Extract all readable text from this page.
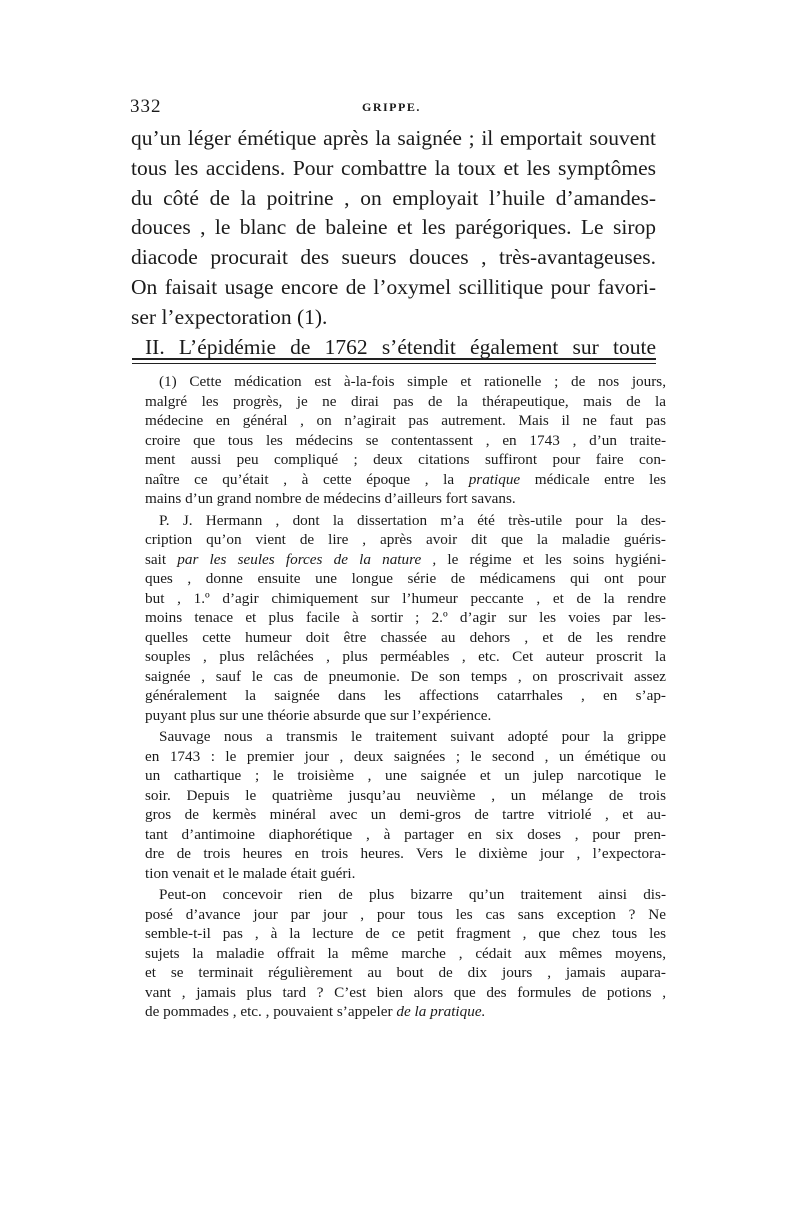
332	GRIPPE.
qu’un léger émétique après la saignée ; il emportait souvent
tous les accidens. Pour combattre la toux et les symptômes
du côté de la poitrine , on employait l’huile d’amandes-
douces , le blanc de baleine et les parégoriques. Le sirop
diacode procurait des sueurs douces , très-avantageuses.
On faisait usage encore de l’oxymel scillitique pour favori-
ser l’expectoration (1).
II. L’épidémie de 1762 s’étendit également sur toute
(1) Cette médication est à-la-fois simple et rationelle ; de nos jours,
malgré les progrès, je ne dirai pas de la thérapeutique, mais de la
médecine en général , on n’agirait pas autrement. Mais il ne faut pas
croire que tous les médecins se contentassent , en 1743 , d’un traite-
ment aussi peu compliqué ; deux citations suffiront pour faire con-
naître ce qu’était , à cette époque , la pratique médicale entre les
mains d’un grand nombre de médecins d’ailleurs fort savans.
P. J. Hermann , dont la dissertation m’a été très-utile pour la des-
cription qu’on vient de lire , après avoir dit que la maladie guéris-
sait par les seules forces de la nature , le régime et les soins hygiéni-
ques , donne ensuite une longue série de médicamens qui ont pour
but , 1.º d’agir chimiquement sur l’humeur peccante , et de la rendre
moins tenace et plus facile à sortir ; 2.º d’agir sur les voies par les-
quelles cette humeur doit être chassée au dehors , et de les rendre
souples , plus relâchées , plus perméables , etc. Cet auteur proscrit la
saignée , sauf le cas de pneumonie. De son temps , on proscrivait assez
généralement la saignée dans les affections catarrhales , en s’ap-
puyant plus sur une théorie absurde que sur l’expérience.
Sauvage nous a transmis le traitement suivant adopté pour la grippe
en 1743 : le premier jour , deux saignées ; le second , un émétique ou
un cathartique ; le troisième , une saignée et un julep narcotique le
soir. Depuis le quatrième jusqu’au neuvième , un mélange de trois
gros de kermès minéral avec un demi-gros de tartre vitriolé , et au-
tant d’antimoine diaphorétique , à partager en six doses , pour pren-
dre de trois heures en trois heures. Vers le dixième jour , l’expectora-
tion venait et le malade était guéri.
Peut-on concevoir rien de plus bizarre qu’un traitement ainsi dis-
posé d’avance jour par jour , pour tous les cas sans exception ? Ne
semble-t-il pas , à la lecture de ce petit fragment , que chez tous les
sujets la maladie offrait la même marche , cédait aux mêmes moyens,
et se terminait régulièrement au bout de dix jours , jamais aupara-
vant , jamais plus tard ? C’est bien alors que des formules de potions ,
de pommades , etc. , pouvaient s’appeler de la pratique.
